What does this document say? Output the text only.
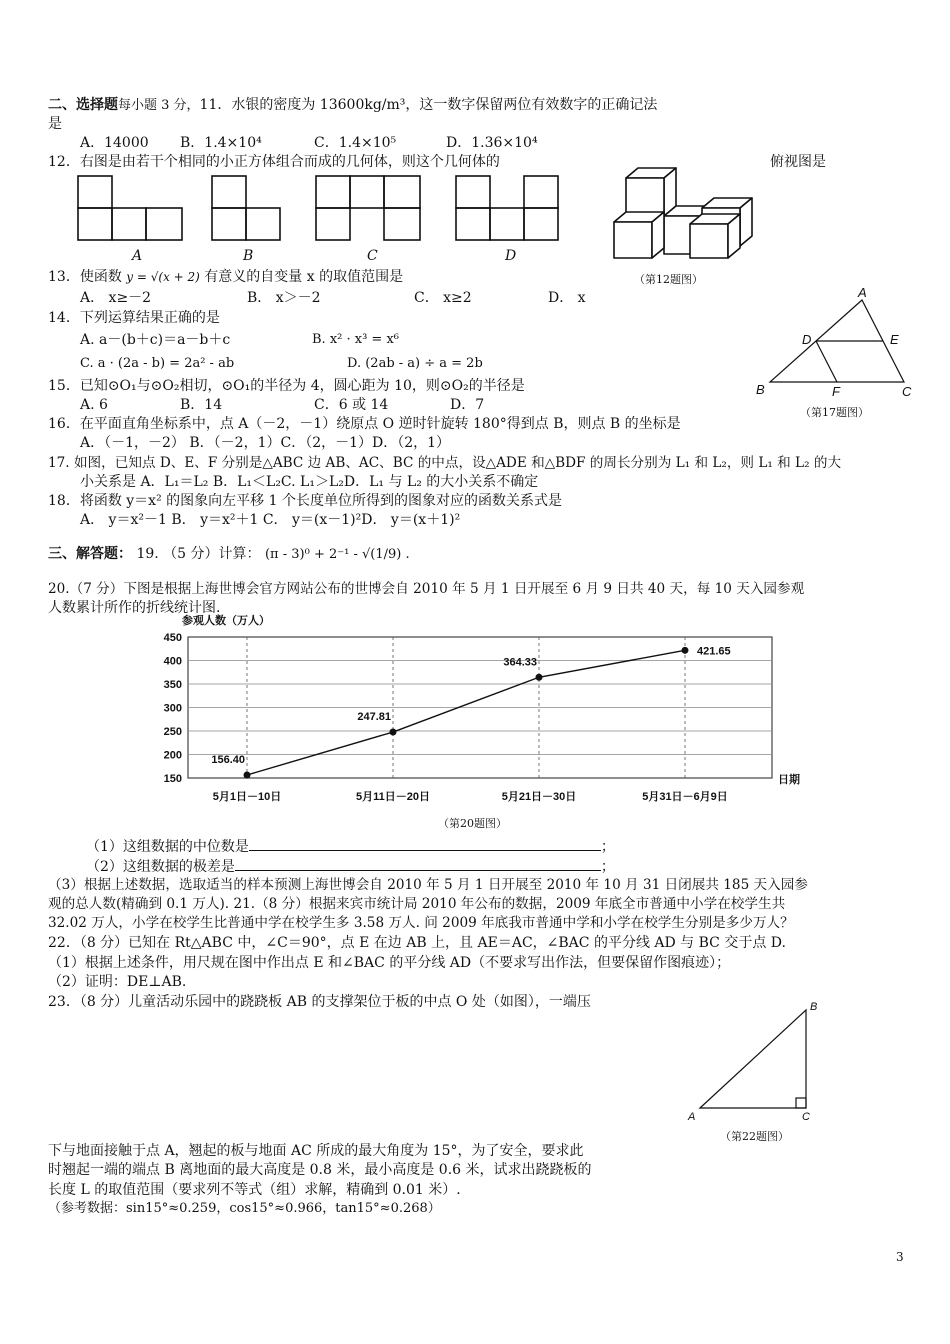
二、选择题每小题 3 分，11．水银的密度为 13600kg/m³，这一数字保留两位有效数字的正确记法
是
A．14000 B．1.4×10⁴	C．1.4×10⁵	D．1.36×10⁴
12．右图是由若干个相同的小正方体组合而成的几何体，则这个几何体的	俯视图是
A	B	C	D
（第12题图）
13．使函数 y = √(x + 2) 有意义的自变量 x 的取值范围是
A． x≥－2	B． x＞－2	C． x≥2	D． x
14．下列运算结果正确的是
A. a－(b＋c)＝a－b＋c	B. x² · x³ = x⁶
C. a · (2a - b) = 2a² - ab	D. (2ab - a) ÷ a = 2b
A
D	E
B	F	C
（第17题图）
15．已知⊙O₁与⊙O₂相切，⊙O₁的半径为 4，圆心距为 10，则⊙O₂的半径是
A. 6	B．14	C．6 或 14	D．7
16．在平面直角坐标系中，点 A（－2，－1）绕原点 O 逆时针旋转 180°得到点 B，则点 B 的坐标是
A．（－1，－2） B．（－2，1）C．（2，－1）D．（2，1）
17. 如图，已知点 D、E、F 分别是△ABC 边 AB、AC、BC 的中点，设△ADE 和△BDF 的周长分别为 L₁ 和 L₂，则 L₁ 和 L₂ 的大
小关系是 A．L₁＝L₂ B．L₁＜L₂C. L₁＞L₂D．L₁ 与 L₂ 的大小关系不确定
18．将函数 y＝x² 的图象向左平移 1 个长度单位所得到的图象对应的函数关系式是
A． y＝x²－1 B． y＝x²＋1 C． y＝(x－1)²D． y＝(x＋1)²
三、解答题： 19. （5 分）计算： (π - 3)⁰ + 2⁻¹ - √(1/9) .
20.（7 分）下图是根据上海世博会官方网站公布的世博会自 2010 年 5 月 1 日开展至 6 月 9 日共 40 天，每 10 天入园参观
人数累计所作的折线统计图.
参观人数（万人）
日期
150
200
250
300
350
400
450
5月1日－10日	5月11日－20日	5月21日－30日	5月31日－6月9日
156.40
247.81
364.33
421.65
（第20题图）
（1）这组数据的中位数是	；
（2）这组数据的极差是	；
（3）根据上述数据，选取适当的样本预测上海世博会自 2010 年 5 月 1 日开展至 2010 年 10 月 31 日闭展共 185 天入园参
观的总人数(精确到 0.1 万人). 21.（8 分）根据来宾市统计局 2010 年公布的数据，2009 年底全市普通中小学在校学生共
32.02 万人，小学在校学生比普通中学在校学生多 3.58 万人. 问 2009 年底我市普通中学和小学在校学生分别是多少万人？
22．（8 分）已知在 Rt△ABC 中，∠C＝90°，点 E 在边 AB 上，且 AE＝AC，∠BAC 的平分线 AD 与 BC 交于点 D.
（1）根据上述条件，用尺规在图中作出点 E 和∠BAC 的平分线 AD（不要求写出作法，但要保留作图痕迹）；
（2）证明：DE⊥AB.
23．（8 分）儿童活动乐园中的跷跷板 AB 的支撑架位于板的中点 O 处（如图），一端压	B
A	C
（第22题图）
下与地面接触于点 A，翘起的板与地面 AC 所成的最大角度为 15°，为了安全，要求此
时翘起一端的端点 B 离地面的最大高度是 0.8 米，最小高度是 0.6 米，试求出跷跷板的
长度 L 的取值范围（要求列不等式（组）求解，精确到 0.01 米）.
（参考数据：sin15°≈0.259，cos15°≈0.966，tan15°≈0.268）
3
